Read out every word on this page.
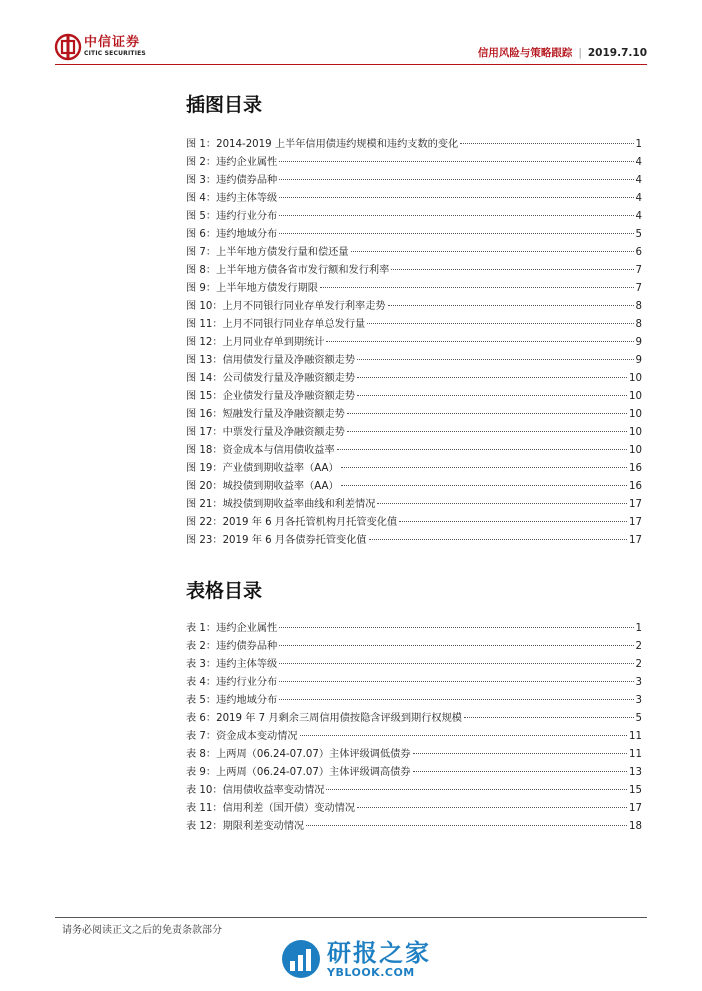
中信证券
CITIC SECURITIES	信用风险与策略跟踪 | 2019.7.10
插图目录
图 1：2014-2019 上半年信用债违约规模和违约支数的变化	1
图 2：违约企业属性	4
图 3：违约债券品种	4
图 4：违约主体等级	4
图 5：违约行业分布	4
图 6：违约地域分布	5
图 7：上半年地方债发行量和偿还量	6
图 8：上半年地方债各省市发行额和发行利率	7
图 9：上半年地方债发行期限	7
图 10：上月不同银行同业存单发行利率走势	8
图 11：上月不同银行同业存单总发行量	8
图 12：上月同业存单到期统计	9
图 13：信用债发行量及净融资额走势	9
图 14：公司债发行量及净融资额走势	10
图 15：企业债发行量及净融资额走势	10
图 16：短融发行量及净融资额走势	10
图 17：中票发行量及净融资额走势	10
图 18：资金成本与信用债收益率	10
图 19：产业债到期收益率（AA）	16
图 20：城投债到期收益率（AA）	16
图 21：城投债到期收益率曲线和利差情况	17
图 22：2019 年 6 月各托管机构月托管变化值	17
图 23：2019 年 6 月各债券托管变化值	17
表格目录
表 1：违约企业属性	1
表 2：违约债券品种	2
表 3：违约主体等级	2
表 4：违约行业分布	3
表 5：违约地域分布	3
表 6：2019 年 7 月剩余三周信用债按隐含评级到期行权规模	5
表 7：资金成本变动情况	11
表 8：上两周（06.24-07.07）主体评级调低债券	11
表 9：上两周（06.24-07.07）主体评级调高债券	13
表 10：信用债收益率变动情况	15
表 11：信用利差（国开债）变动情况	17
表 12：期限利差变动情况	18
请务必阅读正文之后的免责条款部分
研报之家
YBLOOK.COM
